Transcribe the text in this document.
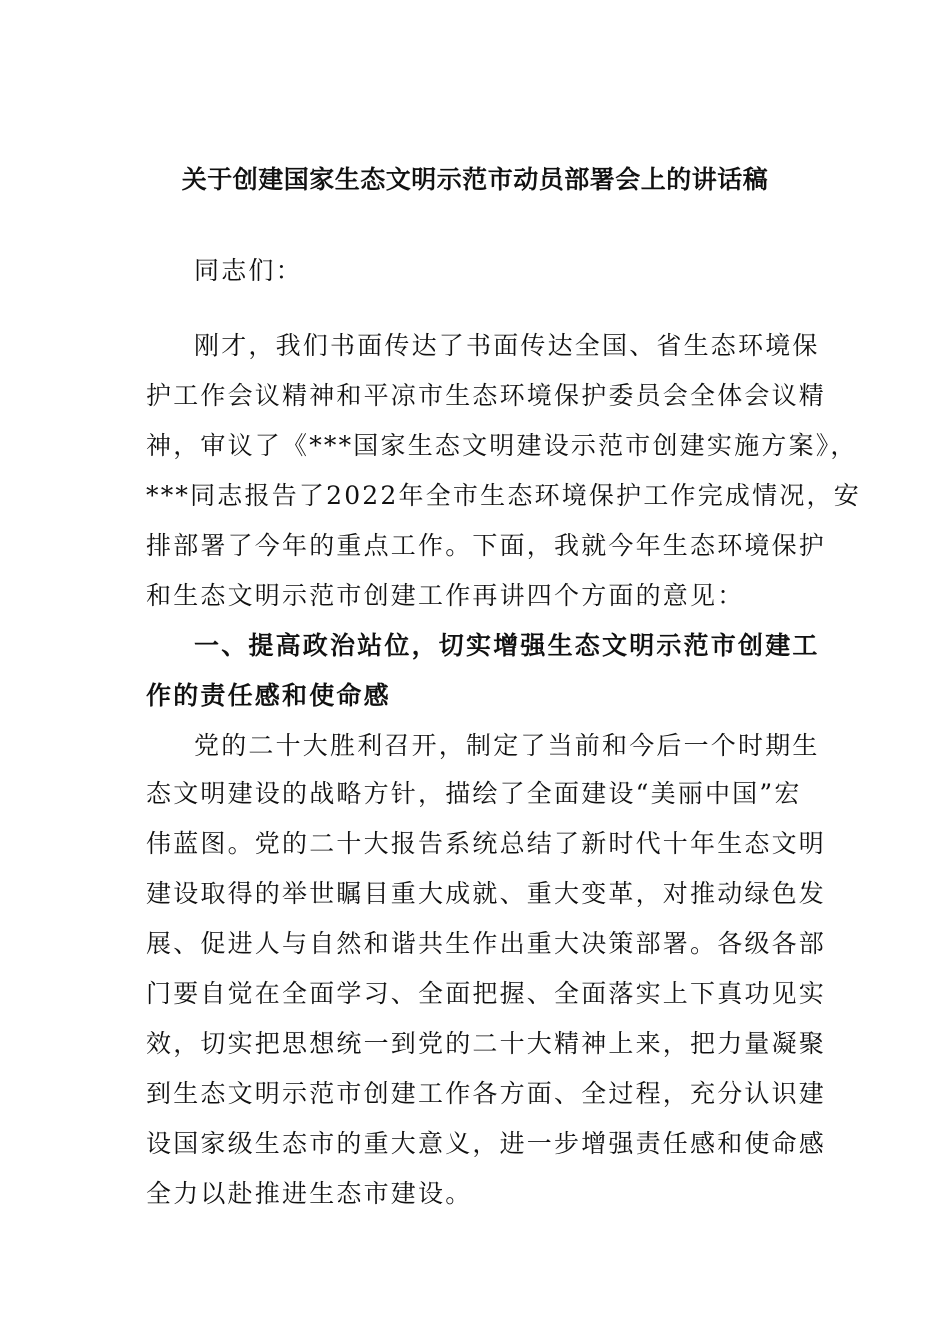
关于创建国家生态文明示范市动员部署会上的讲话稿
同志们：
刚才，我们书面传达了书面传达全国、省生态环境保
护工作会议精神和平凉市生态环境保护委员会全体会议精
神，审议了《***国家生态文明建设示范市创建实施方案》，
***同志报告了2022年全市生态环境保护工作完成情况，安
排部署了今年的重点工作。下面，我就今年生态环境保护
和生态文明示范市创建工作再讲四个方面的意见：
一、提高政治站位，切实增强生态文明示范市创建工
作的责任感和使命感
党的二十大胜利召开，制定了当前和今后一个时期生
态文明建设的战略方针，描绘了全面建设“美丽中国”宏
伟蓝图。党的二十大报告系统总结了新时代十年生态文明
建设取得的举世瞩目重大成就、重大变革，对推动绿色发
展、促进人与自然和谐共生作出重大决策部署。各级各部
门要自觉在全面学习、全面把握、全面落实上下真功见实
效，切实把思想统一到党的二十大精神上来，把力量凝聚
到生态文明示范市创建工作各方面、全过程，充分认识建
设国家级生态市的重大意义，进一步增强责任感和使命感
全力以赴推进生态市建设。
